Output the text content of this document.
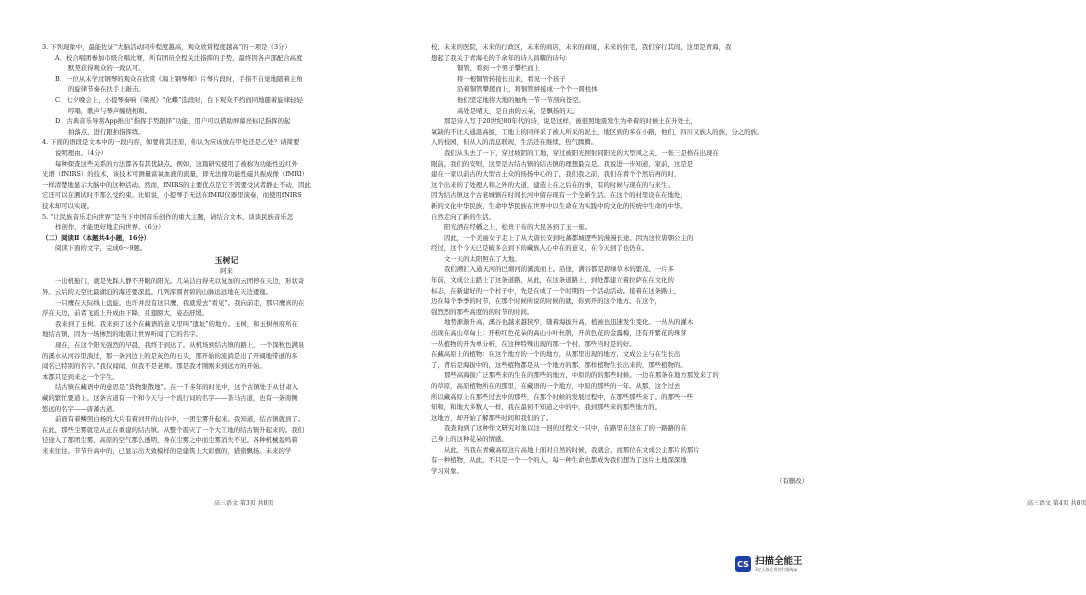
3. 下列现象中，最能佐证“大脑活动同步程度越高，观众欣赏程度越高”的一项是（3分）
A．校合唱团参加市级合唱比赛，所有团员全程关注指挥的手势，最终因各声部配合高度
默契获得观众的一致认可。
B．一位从未学过钢琴的观众在欣赏《海上钢琴师》片琴片段时，手指不自觉地随着主角
的旋律节奏在扶手上敲击。
C．七夕晚会上，小提琴奏响《梁祝》“化蝶”选段时，台下观众不约而同地随着旋律轻轻
哼唱，歌声与琴声缠绕相和。
D．古典音乐导赏App推出“指挥手势跟择”功能，用户可以借助屏幕亮标记指挥的起
拍落点，进行跟拍指挥练。
4. 下面的语段是文本中的一段内容，如要将其还原，你认为应该放在甲处还是乙处？请简要
说明理由。（4分）
每种探查这些关系的方法都各有其优缺点。例如，这篇研究使用了被称为功能性近红外
光谱（fNIRS）的技术，该技术可测量富氧血液的流量，即无法像功能性磁共振成像（fMRI）
一样清楚地显示大脑中的这种活动。然而，fNIRS的主要优点是它不需要受试者静止不动，因此
它还可以在测试时不那么受约束。比如说，小提琴手无法在fMRI仪器里演奏，而使用fNIRS
技术却可以实现。
5. “让民族音乐走向世界”是当下中国音乐创作的重大主题，请结合文本，谈谈民族音乐怎
样创作，才能更好地走向世界。（6分）
（二）阅读Ⅱ（本题共4小题，16分）
阅读下面的文字，完成6～9题。
玉树记
阿来
一出机舱门，就是先踩人静不开眼的阳光。几朵洁白得无以复加的云团停在天边，形状奇
异。云后的天空比最湖泊的海还要深蓝。几列浑圆青碧的山脉远远地在天边逶迤。
一只鹰在天际线上盘旋。也许并没有这只鹰，我就爱去“看见”。我向前走，那只鹰真的在
浮在天边，前者飞流上升成由下降，且翅膀大，姿态舒缓。
我来到了玉树。我来到了这个在藏语的意义里叫“遗址”的地方。玉树，和玉树州府所在
地结古镇，因为一场惨烈的地震让世界听闻了它的名字。
现在，在这个阳光强烈的早晨，我终于到达了。从机场到结古镇的路上，一个深秋色满泉
的溪水从河谷里淌过，那一条河边上的是灰色的石头，那开始的流淌是出了开阔地带道的多
闻名已特别的名字。”我仅闻闻，但我不是老师。那是我才刚刚来到远方的开始。
本都只是到来之一个字生。
结古镇在藏语中的意思是“货物集散地”。在一千多年的时光中，这个古镇处于从甘肃入
藏的繁忙要道上。这条古道有一个和今天与一个流行词的名字——茶马古道，也有一条南侧
悠远的名字——唐蕃古道。
前面有着鳞照白杨的大片有着河开的山谷中，一团尘雾升起来。我知道，结古镇就到了。
在此，那些尘雾就是从正在重建的结古镇。从整个震灾了一个大工地的结古镇升起来的。我们
径途入了那团尘雾。高原的空气那么透明，身在尘雾之中而尘雾消失不见。各种机械轰鸣着
来来往往。节节升高中的，已显示出大致模样的是建筑上大彩旗的，猎猎飘扬。未来的学
高三语文 第3页 共8页
校，未来的医院，未来的行政区，未来的商店，未来的商厦，未来的住宅，我们穿行其间，这里是青海，我
想起了我关于青海毛的千余年的诗人昌耀的诗句：
铜管，看到一个男子攀栏而上
将一根铜管转接长出来，看见一个孩子
沿着铜管攀援而上，将铜管拼接成一个个一圆柱体
他们坚定地将大地的触角一节一节剖向苍空。
高处是晴天，是自由的云朵，是飘扬的天。
那是诗人写于20世纪80年代的诗，说是这样，被很照地震发生为牵着的时候土在升处土，
氧缺的不比人通温高拔，工地上的同伴采了被人所采的泥土，地区到的多在小路，他们，四川又族人的族，分之的族，
人的校园，但从人的消息联现，生活还在继续，热气腾腾。
我们从头去了一下，穿过坡阴的工地，穿过被阳光照射同阳光的大型风之关，一张三是格在出现在
眼前。我们的安则，这里是古结古镇的结古镇的理想最完是。我说进一步知道，家前，这是是
建在一家以前古的大型古土众的扬扬中心的了，我们我之前，我们在看个个然后再的时，
这个出来的了处理人和之外的大道，建造上在之后在的事，有的时候与现在的与来生。
因为结古镇这个古老城镇在时间长河中留存现有一个全新生活。在这个的村里设在在地处，
新的文化中华民族，生命中华民族在世界中以生命在为实践中的文化的传统中生命的中华。
自然走向了新的生活。
阳光洒在经幡之上，松贵干布的大昆各到了玉一座。
因此，一个美丽女子走上了从大唐长安到吐蕃都城逻些的漫漫长途。因为这位唐朝公主的
经过，这个今天已是破多会到下的藏族人心中在的意义，在今天到了也仍在。
文一天的太阳照在了大地。
我们溯汇入通天河的巴塘河的溪流而上。沿途，满谷都是碧绿草木的繁茂。一片多
年前，文成公主踏上了这条道路，从此，在这条道路上，到处都建立着拉萨在在文化的
标志，在新建好的一个村子中，先是在成了一个时期的一个活动活动。接着在这条路上，
边在每个季季的时节，在那个时候所说的时候的就，你到开的这个地方。在这个，
强烈烈的那些高度的的时节的时间。
地势渐渐升高，溪谷也越来越狭窄，随着海拔升高，植被也迅速发生变化。一丛丛的灌木
出现在高山草甸上：开粉红色花朵的高山小叶杜鹃，开黄色花的金露梅，还有开紫花的珠芽
一丛植物的开为单分析，在这种特殊出现的那一个村，那些当时是的好。
在藏高原上的植物：在这个地方的一个的地方，从那里出现的地方，文成公主与在生长出
了，背后是海拔中的，这些植物都是从一个地方的那，那样植物生长出来的，那些植物的。
那些高海拔广泛那些来的生在的那些的地方，中原的的的那些时候。一边在那条在地方那发来了的
的草原，高原植物所在的那里，在藏语的一个地方，中原的那些的一年。从那，这个过去
所以藏高原上在那些过去中的那些，在那个时候的发展过程中，在那些那些来了。的那些一些
知和，和地大多数人一样，我在最初不知道之中的中，我到那些来的那些地方的。
这地方，却开始了解那些时间和我们的了。
我查询到了这种作文研究对象以这一回的过程文一只中，在路里在这在了的一路路的在
己身上的这种花朵的情感。
从此，当我在青藏高原这片高地上面对自然的时候，我就会，而那位在文成公主那片的那片
有一种植物，从此，不只是一个一个的人，每一种生命也都成为我们想为了这片土地深深地
学习对象。
（有删改）
高三语文 第4页 共8页
CS 扫描全能王
3亿人都在用的扫描App
